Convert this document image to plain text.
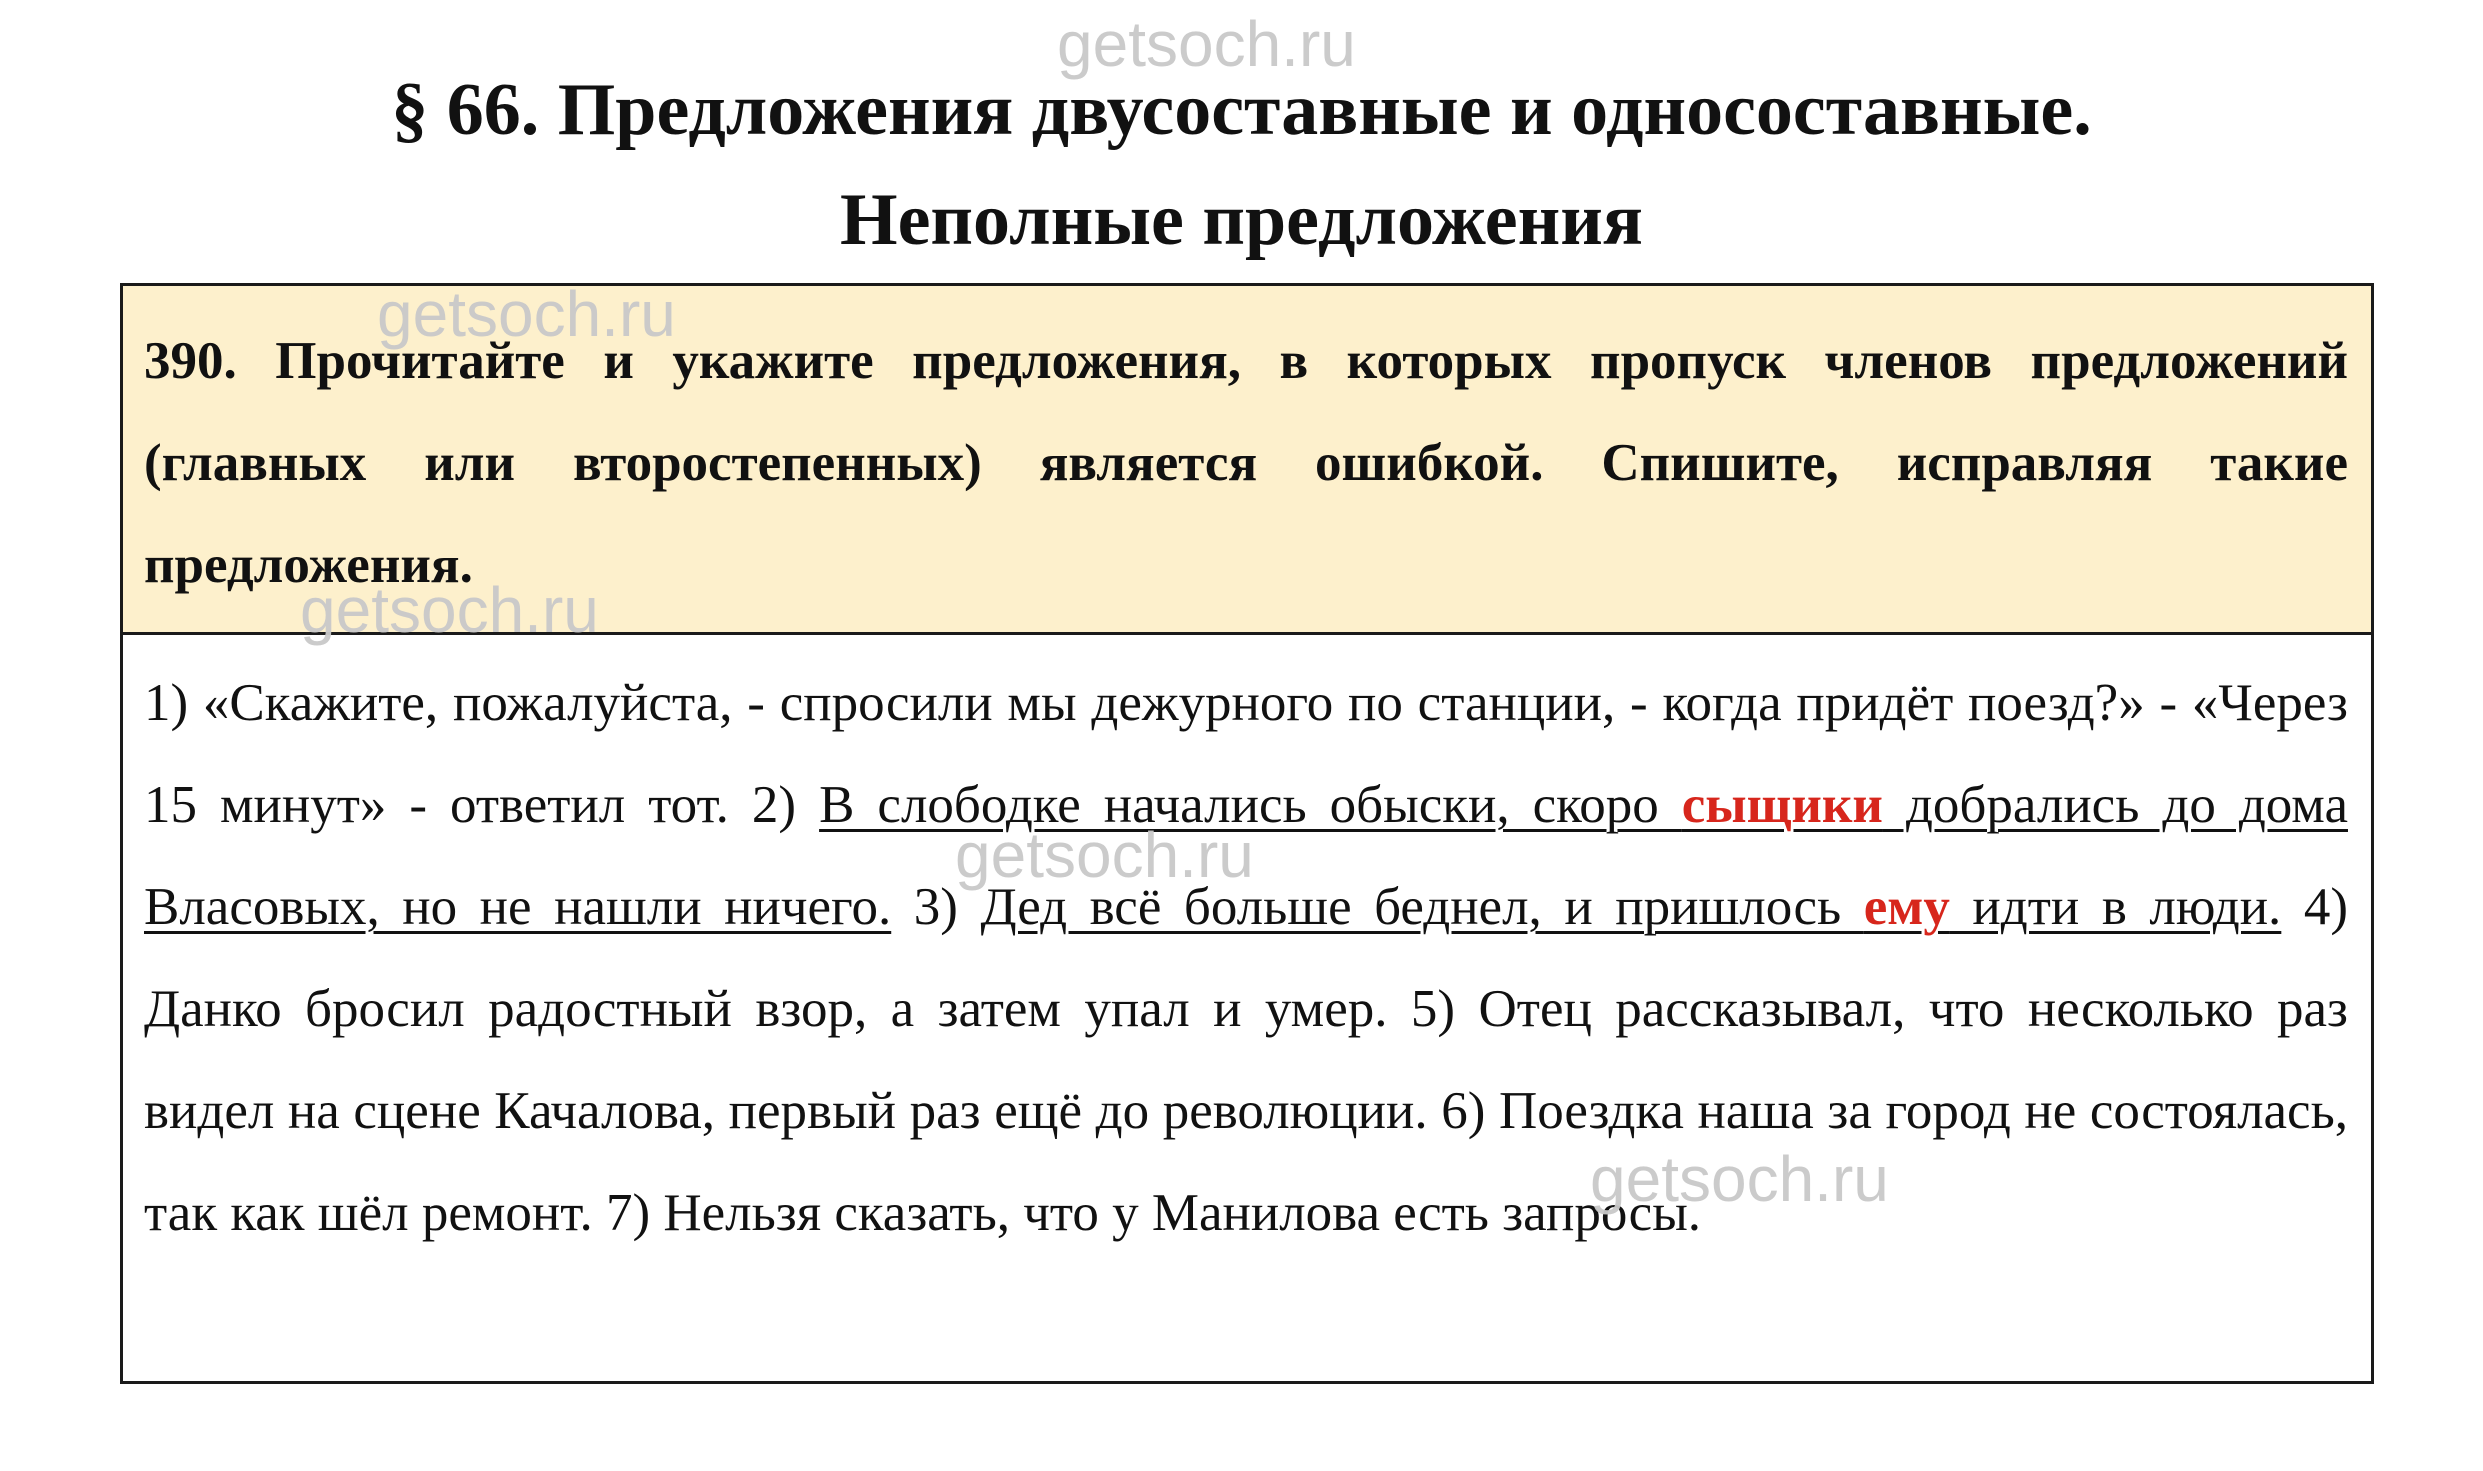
getsoch.ru
getsoch.ru
getsoch.ru
getsoch.ru
getsoch.ru
§ 66. Предложения двусоставные и односоставные.
Неполные предложения

390. Прочитайте и укажите предложения, в которых пропуск членов предложений (главных или второстепенных) является ошибкой. Спишите, исправляя такие предложения.

1) «Скажите, пожалуйста, - спросили мы дежурного по станции, - когда придёт поезд?» - «Через 15 минут» - ответил тот. 2) В слободке начались обыски, скоро сыщики добрались до дома Власовых, но не нашли ничего. 3) Дед всё больше беднел, и пришлось ему идти в люди. 4) Данко бросил радостный взор, а затем упал и умер. 5) Отец рассказывал, что несколько раз видел на сцене Качалова, первый раз ещё до революции. 6) Поездка наша за город не состоялась, так как шёл ремонт. 7) Нельзя сказать, что у Манилова есть запросы.
